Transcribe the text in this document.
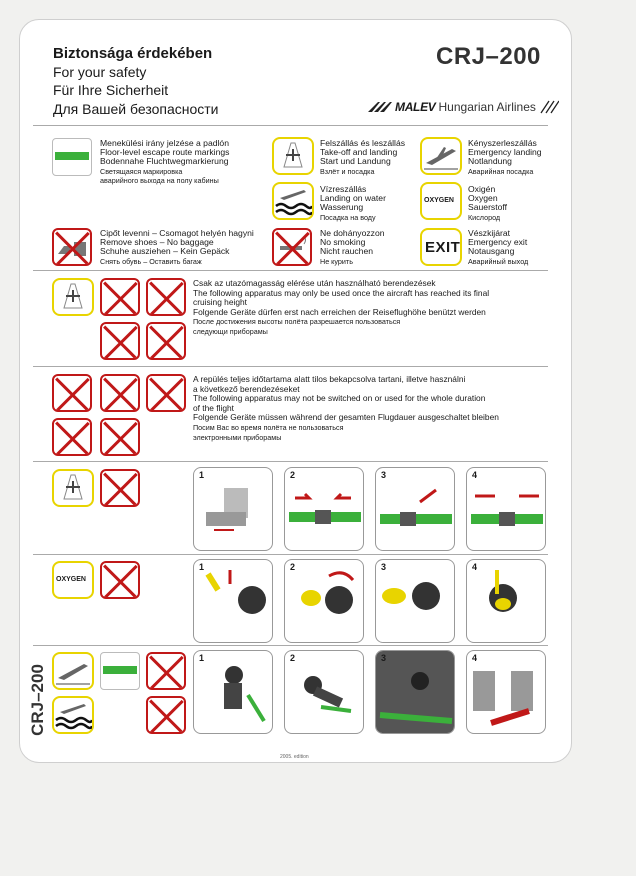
Biztonsága érdekében
For your safety
Für Ihre Sicherheit
Для Вашей безопасности
CRJ–200
MALEV Hungarian Airlines
Menekülési irány jelzése a padlón
Floor-level escape route markings
Bodennahe Fluchtwegmarkierung
Светящаяся маркировка
аварийного выхода на полу кабины
Felszállás és leszállás
Take-off and landing
Start und Landung
Взлёт и посадка
Kényszerleszállás
Emergency landing
Notlandung
Аварийная посадка
Vízreszállás
Landing on water
Wasserung
Посадка на воду
OXYGEN
Oxigén
Oxygen
Sauerstoff
Кислород
Cipőt levenni – Csomagot helyén hagyni
Remove shoes – No baggage
Schuhe ausziehen – Kein Gepäck
Снять обувь – Оставить багаж
Ne dohányozzon
No smoking
Nicht rauchen
Не курить
EXIT
Vészkijárat
Emergency exit
Notausgang
Аварийный выход
Csak az utazómagasság elérése után használható berendezések
The following apparatus may only be used once the aircraft has reached its final
cruising height
Folgende Geräte dürfen erst nach erreichen der Reiseflughöhe benützt werden
После достижения высоты полёта разрешается пользоваться
следующи приборамы
A repülés teljes időtartama alatt tilos bekapcsolva tartani, illetve használni
a következő berendezéseket
The following apparatus may not be switched on or used for the whole duration
of the flight
Folgende Geräte müssen während der gesamten Flugdauer ausgeschaltet bleiben
Посим Вас во время полёта не пользоваться
электронными приборамы
1	2	3	4
OXYGEN
1	2	3	4
CRJ–200
1	2	3	4
2005. edition
